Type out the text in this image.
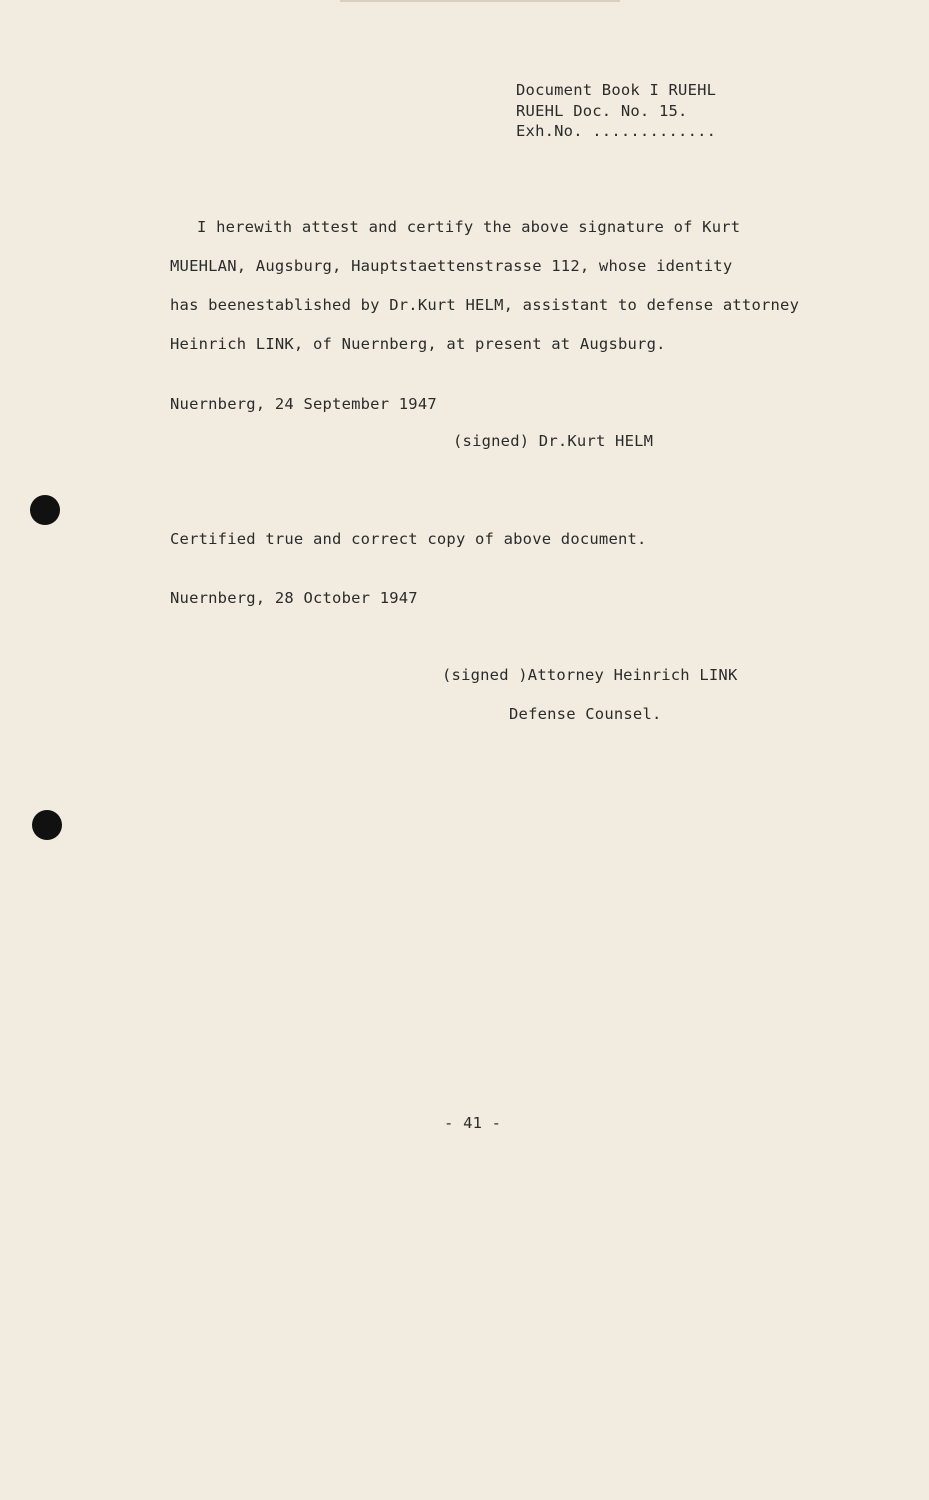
Document Book I RUEHL
RUEHL Doc. No. 15.
Exh.No. .............
I herewith attest and certify the above signature of Kurt
MUEHLAN, Augsburg, Hauptstaettenstrasse 112, whose identity
has beenestablished by Dr.Kurt HELM, assistant to defense attorney
Heinrich LINK, of Nuernberg, at present at Augsburg.
Nuernberg, 24 September 1947
(signed) Dr.Kurt HELM
Certified true and correct copy of above document.
Nuernberg, 28 October 1947
(signed )Attorney Heinrich LINK
Defense Counsel.
- 41 -
